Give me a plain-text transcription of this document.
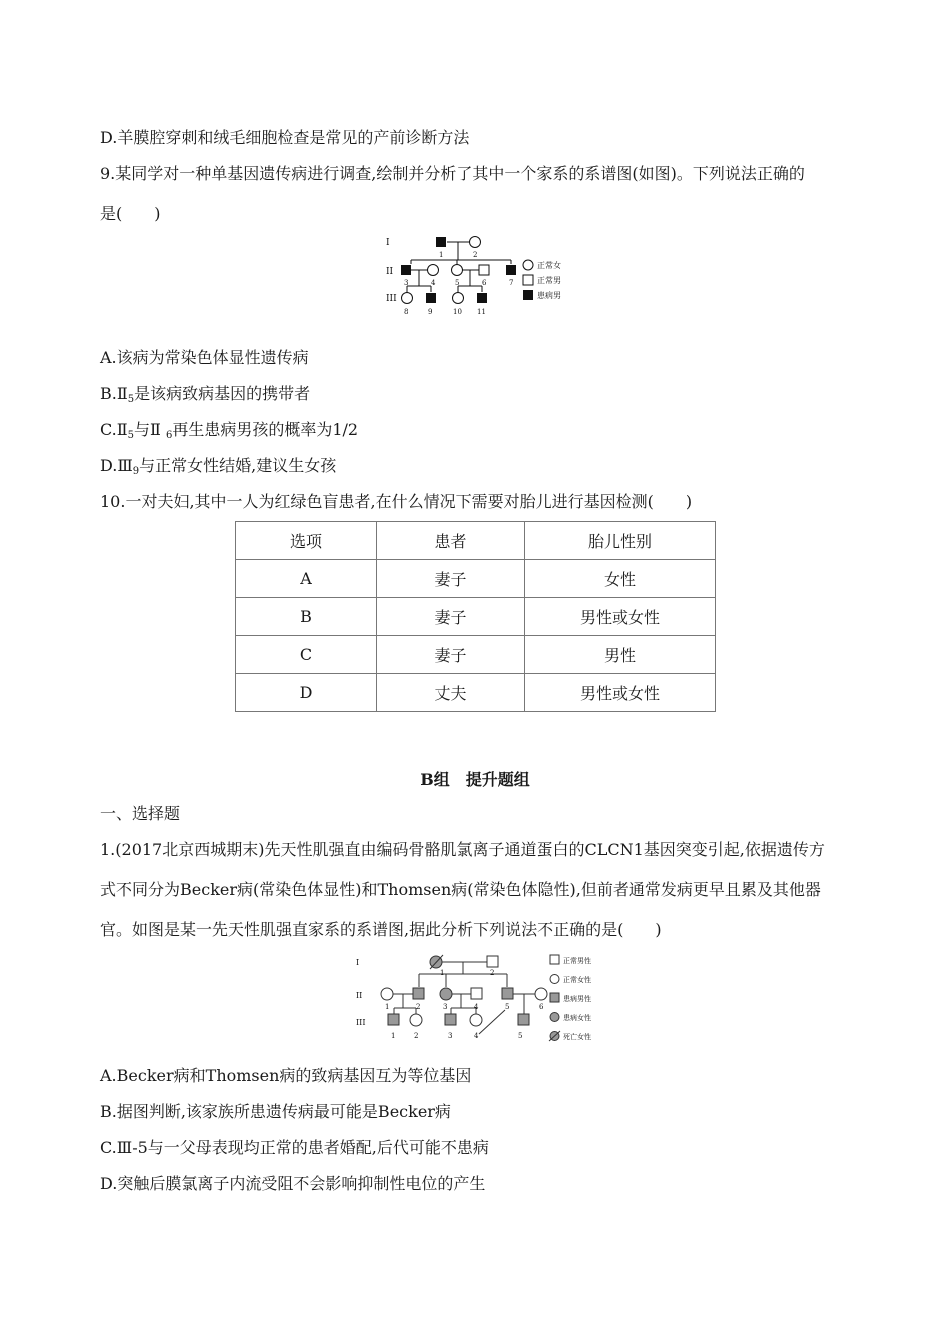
D.羊膜腔穿刺和绒毛细胞检查是常见的产前诊断方法
9.某同学对一种单基因遗传病进行调查,绘制并分析了其中一个家系的系谱图(如图)。下列说法正确的
是(　　)
I
II
III
1	2
3	4	5	6	7
8	9	10 11
正常女
正常男
患病男
A.该病为常染色体显性遗传病
$B.Ⅱ_5$是该病致病基因的携带者
$C.Ⅱ_5$与Ⅱ $_6$再生患病男孩的概率为1/2
$D.Ⅲ_9$与正常女性结婚,建议生女孩
10.一对夫妇,其中一人为红绿色盲患者,在什么情况下需要对胎儿进行基因检测(　　)
选项	患者	胎儿性别
A	妻子	女性
B	妻子	男性或女性
C	妻子	男性
D	丈夫	男性或女性
B组　提升题组
一、选择题
1.(2017北京西城期末)先天性肌强直由编码骨骼肌氯离子通道蛋白的CLCN1基因突变引起,依据遗传方
式不同分为Becker病(常染色体显性)和Thomsen病(常染色体隐性),但前者通常发病更早且累及其他器
官。如图是某一先天性肌强直家系的系谱图,据此分析下列说法不正确的是(　　)
I
II
III
1	2
1	2	3	4	5	6
1	2	3	4	5
正常男性
正常女性
患病男性
患病女性
死亡女性
A.Becker病和Thomsen病的致病基因互为等位基因
B.据图判断,该家族所患遗传病最可能是Becker病
C.Ⅲ-5与一父母表现均正常的患者婚配,后代可能不患病
D.突触后膜氯离子内流受阻不会影响抑制性电位的产生
